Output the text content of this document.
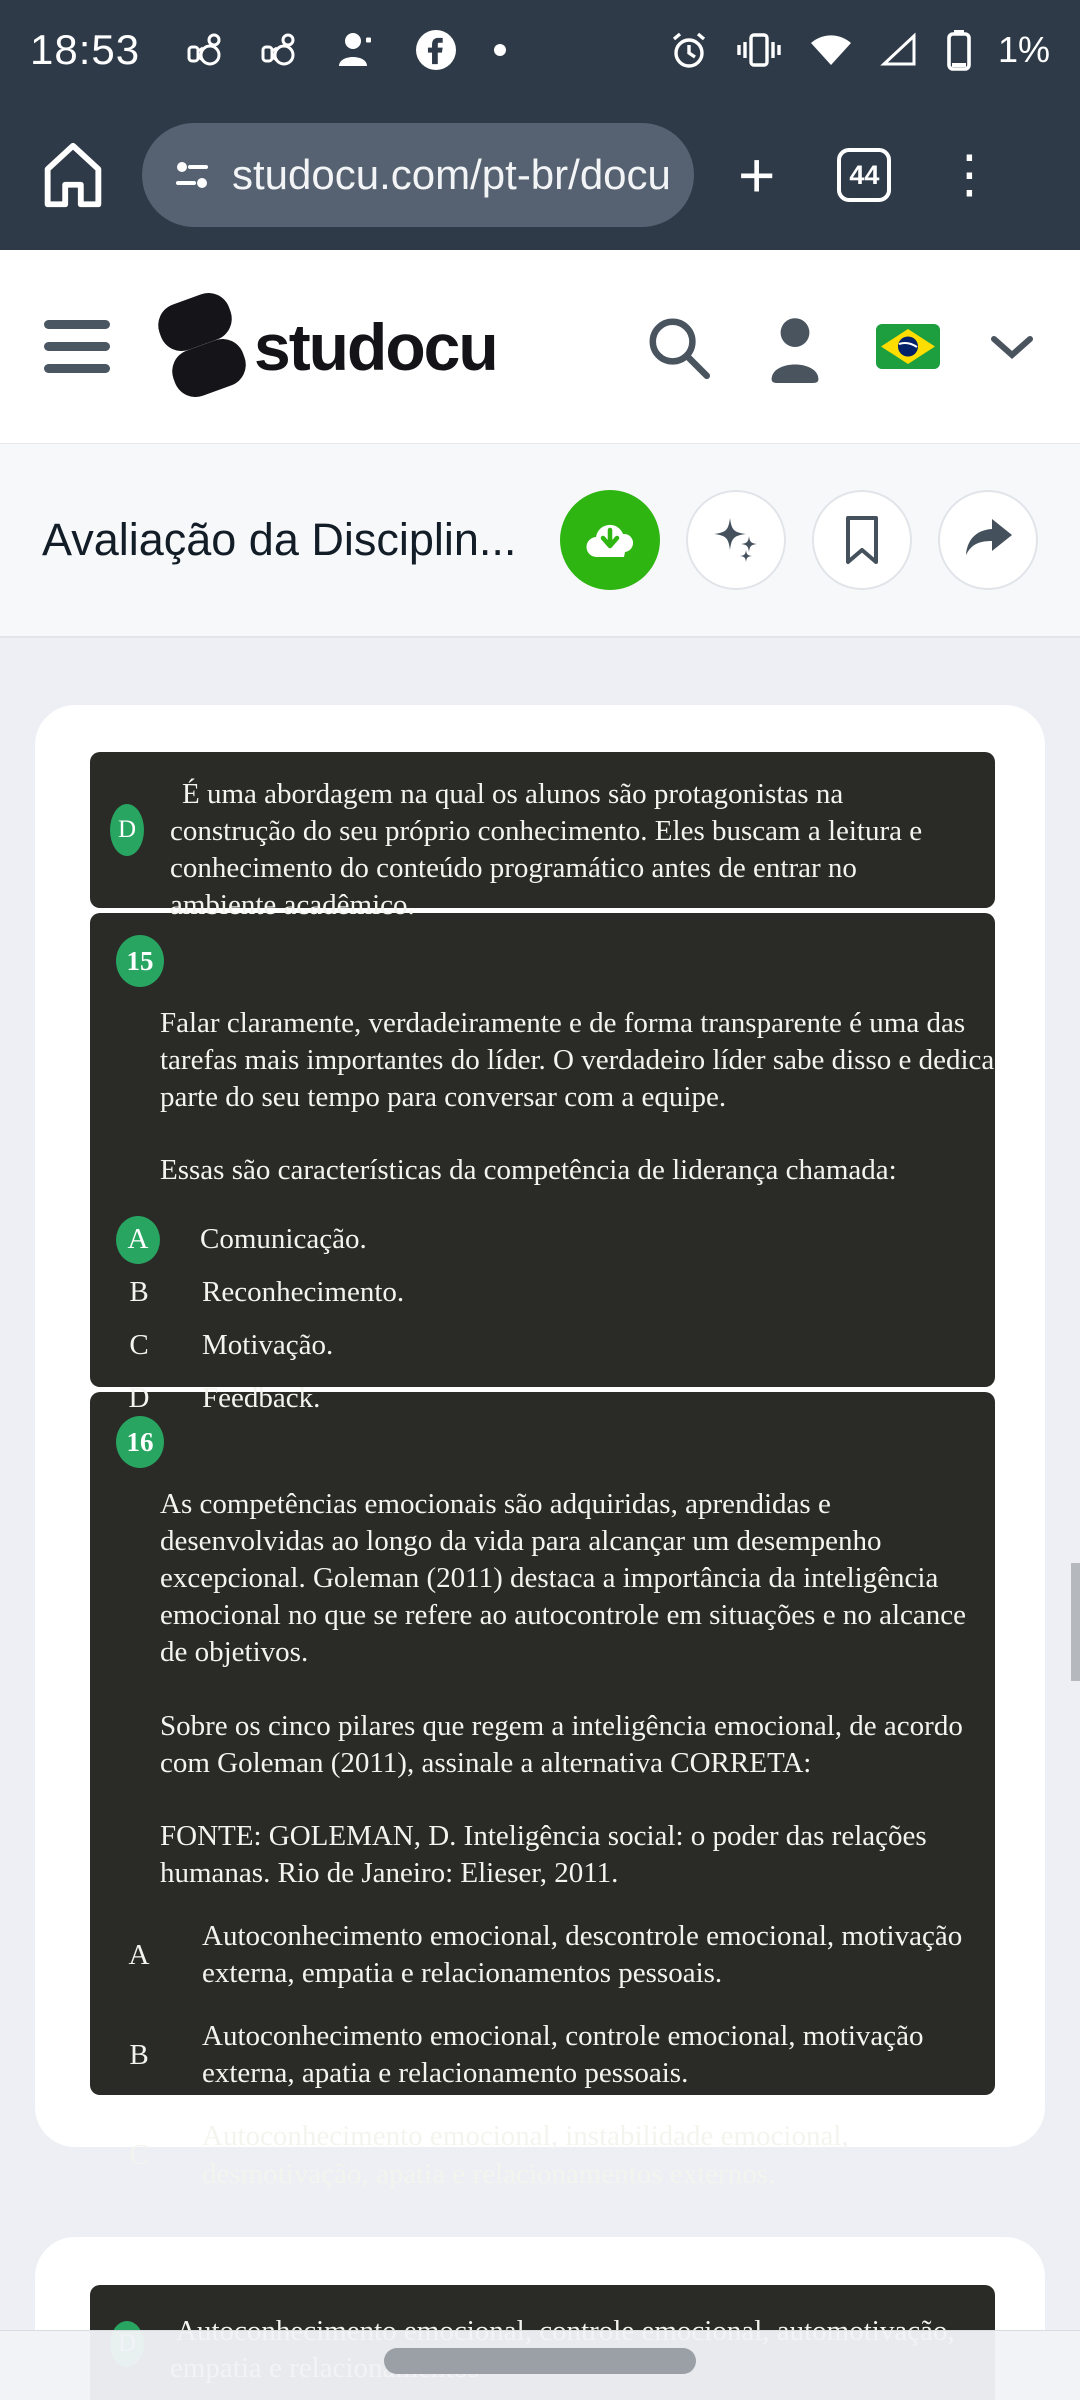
18:53	1%
studocu.com/pt-br/docu +	44 ⋮
studocu
Avaliação da Disciplin...
D
É uma abordagem na qual os alunos são protagonistas na construção do seu próprio conhecimento. Eles buscam a leitura e conhecimento do conteúdo programático antes de entrar no ambiente acadêmico.
15
Falar claramente, verdadeiramente e de forma transparente é uma das tarefas mais importantes do líder. O verdadeiro líder sabe disso e dedica parte do seu tempo para conversar com a equipe.
Essas são características da competência de liderança chamada:
A	Comunicação.
B	Reconhecimento.
C	Motivação.
D	Feedback.
16
As competências emocionais são adquiridas, aprendidas e desenvolvidas ao longo da vida para alcançar um desempenho excepcional. Goleman (2011) destaca a importância da inteligência emocional no que se refere ao autocontrole em situações e no alcance de objetivos.
Sobre os cinco pilares que regem a inteligência emocional, de acordo com Goleman (2011), assinale a alternativa CORRETA:
FONTE: GOLEMAN, D. Inteligência social: o poder das relações humanas. Rio de Janeiro: Elieser, 2011.
A
Autoconhecimento emocional, descontrole emocional, motivação externa, empatia e relacionamentos pessoais.
B
Autoconhecimento emocional, controle emocional, motivação externa, apatia e relacionamento pessoais.
C
Autoconhecimento emocional, instabilidade emocional, desmotivação, apatia e relacionamentos externos.
